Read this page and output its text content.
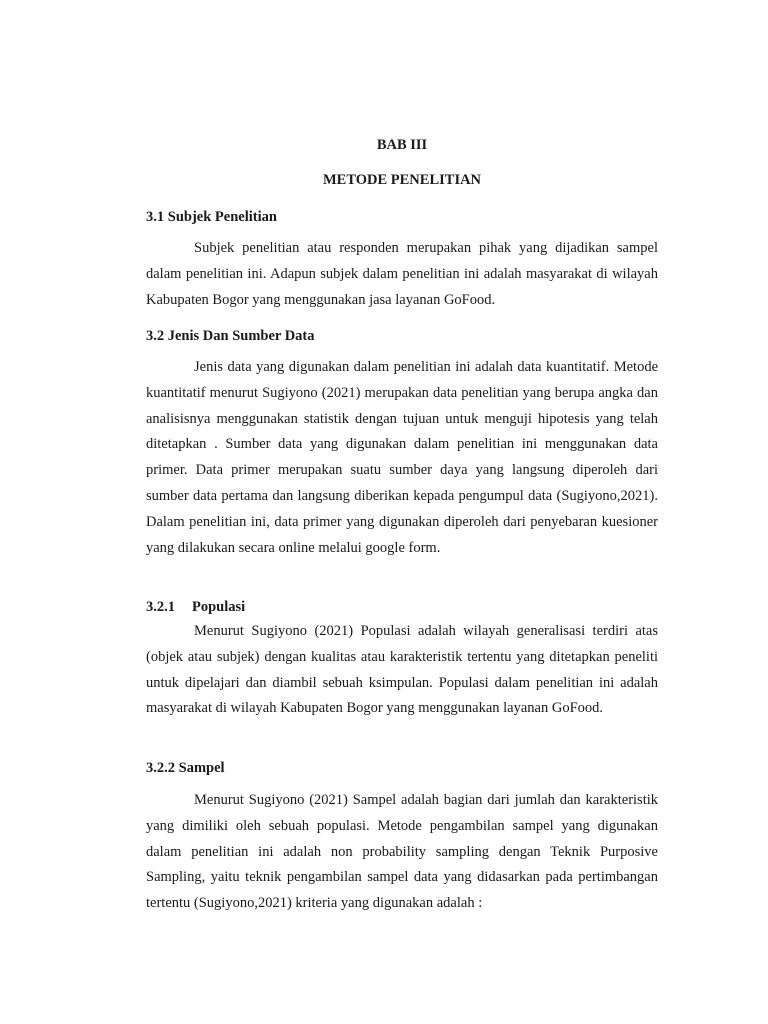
BAB III

METODE PENELITIAN

3.1 Subjek Penelitian

Subjek penelitian atau responden merupakan pihak yang dijadikan sampel dalam penelitian ini. Adapun subjek dalam penelitian ini adalah masyarakat di wilayah Kabupaten Bogor yang menggunakan jasa layanan GoFood.

3.2 Jenis Dan Sumber Data

Jenis data yang digunakan dalam penelitian ini adalah data kuantitatif. Metode kuantitatif menurut Sugiyono (2021) merupakan data penelitian yang berupa angka dan analisisnya menggunakan statistik dengan tujuan untuk menguji hipotesis yang telah ditetapkan . Sumber data yang digunakan dalam penelitian ini menggunakan data primer. Data primer merupakan suatu sumber daya yang langsung diperoleh dari sumber data pertama dan langsung diberikan kepada pengumpul data (Sugiyono,2021). Dalam penelitian ini, data primer yang digunakan diperoleh dari penyebaran kuesioner yang dilakukan secara online melalui google form.

3.2.1 Populasi

Menurut Sugiyono (2021) Populasi adalah wilayah generalisasi terdiri atas (objek atau subjek) dengan kualitas atau karakteristik tertentu yang ditetapkan peneliti untuk dipelajari dan diambil sebuah ksimpulan. Populasi dalam penelitian ini adalah masyarakat di wilayah Kabupaten Bogor yang menggunakan layanan GoFood.

3.2.2 Sampel

Menurut Sugiyono (2021) Sampel adalah bagian dari jumlah dan karakteristik yang dimiliki oleh sebuah populasi. Metode pengambilan sampel yang digunakan dalam penelitian ini adalah non probability sampling dengan Teknik Purposive Sampling, yaitu teknik pengambilan sampel data yang didasarkan pada pertimbangan tertentu (Sugiyono,2021) kriteria yang digunakan adalah :
